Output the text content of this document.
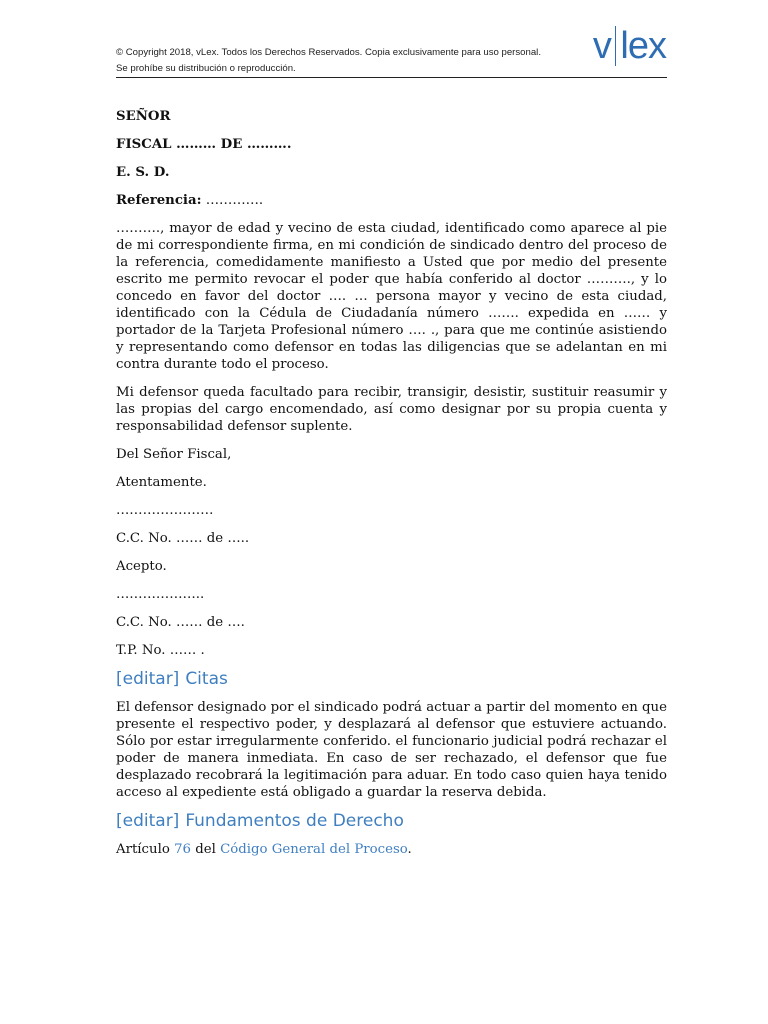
© Copyright 2018, vLex. Todos los Derechos Reservados. Copia exclusivamente para uso personal.
Se prohíbe su distribución o reproducción.
v lex

SEÑOR

FISCAL ……… DE ……….

E. S. D.

Referencia: ………….

………., mayor de edad y vecino de esta ciudad, identificado como aparece al pie de mi correspondiente firma, en mi condición de sindicado dentro del proceso de la referencia, comedidamente manifiesto a Usted que por medio del presente escrito me permito revocar el poder que había conferido al doctor ………., y lo concedo en favor del doctor …. … persona mayor y vecino de esta ciudad, identificado con la Cédula de Ciudadanía número ……. expedida en …… y portador de la Tarjeta Profesional número …. ., para que me continúe asistiendo y representando como defensor en todas las diligencias que se adelantan en mi contra durante todo el proceso.

Mi defensor queda facultado para recibir, transigir, desistir, sustituir reasumir y las propias del cargo encomendado, así como designar por su propia cuenta y responsabilidad defensor suplente.

Del Señor Fiscal,

Atentamente.

………………….

C.C. No. …… de …..

Acepto.

………………..

C.C. No. …… de ….

T.P. No. …… .

[editar] Citas

El defensor designado por el sindicado podrá actuar a partir del momento en que presente el respectivo poder, y desplazará al defensor que estuviere actuando. Sólo por estar irregularmente conferido. el funcionario judicial podrá rechazar el poder de manera inmediata. En caso de ser rechazado, el defensor que fue desplazado recobrará la legitimación para aduar. En todo caso quien haya tenido acceso al expediente está obligado a guardar la reserva debida.

[editar] Fundamentos de Derecho

Artículo 76 del Código General del Proceso.
